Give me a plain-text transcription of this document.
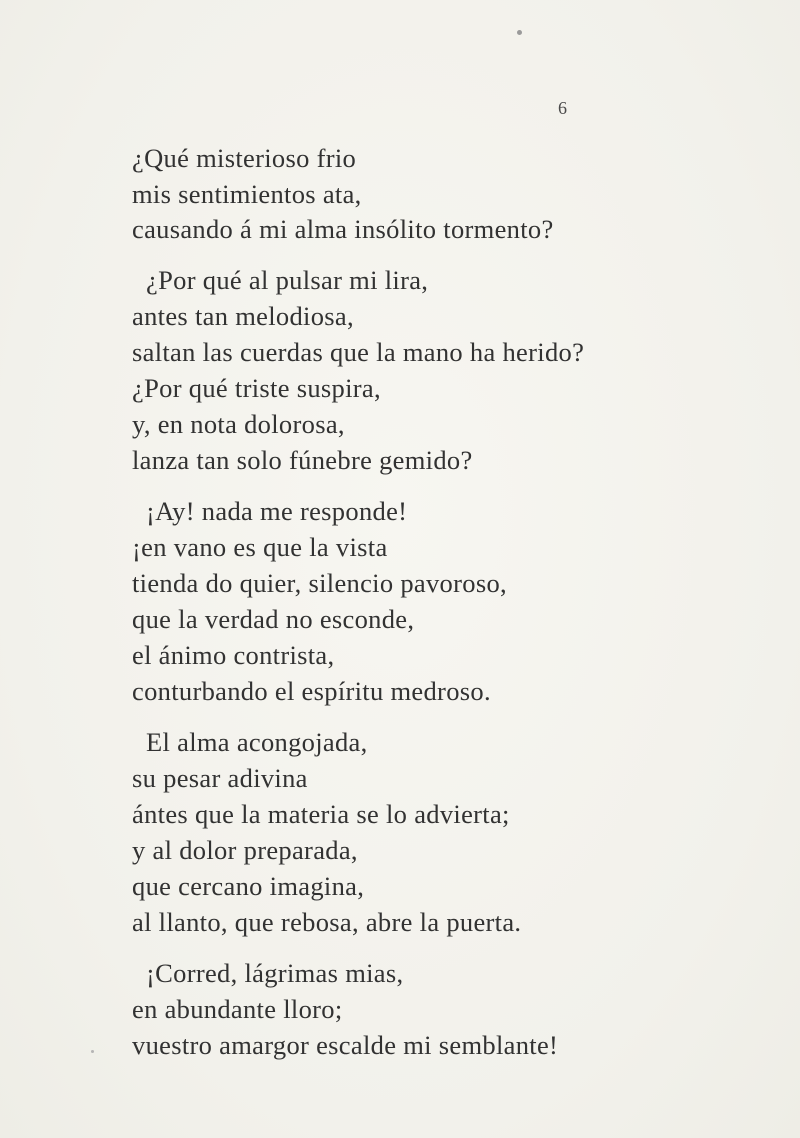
6
¿Qué misterioso frio
mis sentimientos ata,
causando á mi alma insólito tormento?
¿Por qué al pulsar mi lira,
antes tan melodiosa,
saltan las cuerdas que la mano ha herido?
¿Por qué triste suspira,
y, en nota dolorosa,
lanza tan solo fúnebre gemido?
¡Ay! nada me responde!
¡en vano es que la vista
tienda do quier, silencio pavoroso,
que la verdad no esconde,
el ánimo contrista,
conturbando el espíritu medroso.
El alma acongojada,
su pesar adivina
ántes que la materia se lo advierta;
y al dolor preparada,
que cercano imagina,
al llanto, que rebosa, abre la puerta.
¡Corred, lágrimas mias,
en abundante lloro;
vuestro amargor escalde mi semblante!
